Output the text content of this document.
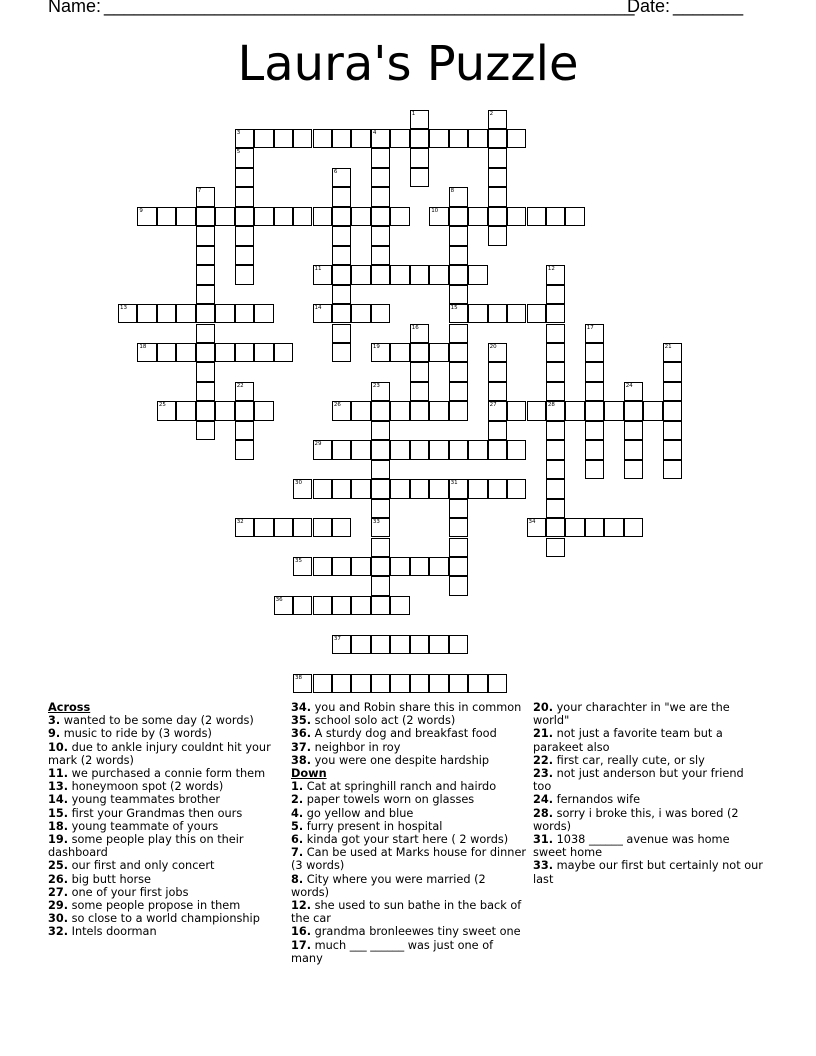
Name: _____________________________________________________
Date: _______
Laura's Puzzle
3	4
9	10
11
13	14	15
18	19
25	26	27	28
29
30	31
32	34
35
36
37
38
1	2
5
6
7	8
12
16	17
20	21
22	23
33
24
Across
3. wanted to be some day (2 words)
9. music to ride by (3 words)
10. due to ankle injury couldnt hit your mark (2 words)
11. we purchased a connie form them
13. honeymoon spot (2 words)
14. young teammates brother
15. first your Grandmas then ours
18. young teammate of yours
19. some people play this on their dashboard
25. our first and only concert
26. big butt horse
27. one of your first jobs
29. some people propose in them
30. so close to a world championship
32. Intels doorman
34. you and Robin share this in common
35. school solo act (2 words)
36. A sturdy dog and breakfast food
37. neighbor in roy
38. you were one despite hardship
Down
1. Cat at springhill ranch and hairdo
2. paper towels worn on glasses
4. go yellow and blue
5. furry present in hospital
6. kinda got your start here ( 2 words)
7. Can be used at Marks house for dinner (3 words)
8. City where you were married (2 words)
12. she used to sun bathe in the back of the car
16. grandma bronleewes tiny sweet one
17. much ___ ______ was just one of many
20. your charachter in "we are the world"
21. not just a favorite team but a parakeet also
22. first car, really cute, or sly
23. not just anderson but your friend too
24. fernandos wife
28. sorry i broke this, i was bored (2 words)
31. 1038 ______ avenue was home sweet home
33. maybe our first but certainly not our last
